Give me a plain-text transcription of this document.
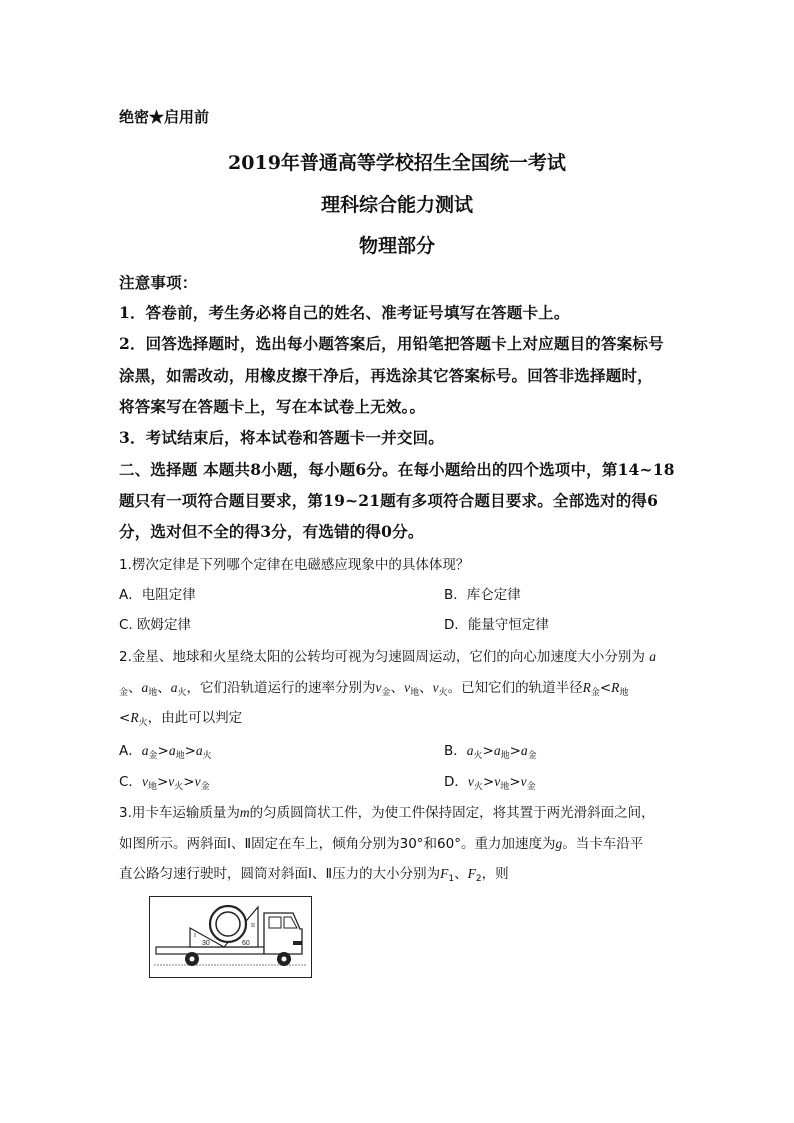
绝密★启用前
2019年普通高等学校招生全国统一考试
理科综合能力测试
物理部分
注意事项：
1．答卷前，考生务必将自己的姓名、准考证号填写在答题卡上。
2．回答选择题时，选出每小题答案后，用铅笔把答题卡上对应题目的答案标号
涂黑，如需改动，用橡皮擦干净后，再选涂其它答案标号。回答非选择题时，
将答案写在答题卡上，写在本试卷上无效。。
3．考试结束后，将本试卷和答题卡一并交回。
二、选择题 本题共8小题，每小题6分。在每小题给出的四个选项中，第14~18
题只有一项符合题目要求，第19~21题有多项符合题目要求。全部选对的得6
分，选对但不全的得3分，有选错的得0分。
1.楞次定律是下列哪个定律在电磁感应现象中的具体体现？
A．电阻定律	B．库仑定律
C. 欧姆定律	D．能量守恒定律
2.金星、地球和火星绕太阳的公转均可视为匀速圆周运动，它们的向心加速度大小分别为 a
$_金$、$a_地$、$a_火$，它们沿轨道运行的速率分别为$v_金$、$v_地$、$v_火$。已知它们的轨道半径$R_金<R_地$
$<R_火$，由此可以判定
A．$a_金>a_地>a_火$	B．$a_火>a_地>a_金$
C．$v_地>v_火>v_金$	D．$v_火>v_地>v_金$
3.用卡车运输质量为m的匀质圆筒状工件，为使工件保持固定，将其置于两光滑斜面之间，
如图所示。两斜面Ⅰ、Ⅱ固定在车上，倾角分别为30°和60°。重力加速度为g。当卡车沿平
直公路匀速行驶时，圆筒对斜面Ⅰ、Ⅱ压力的大小分别为$F_1$、$F_2$，则
30	60
I
II
